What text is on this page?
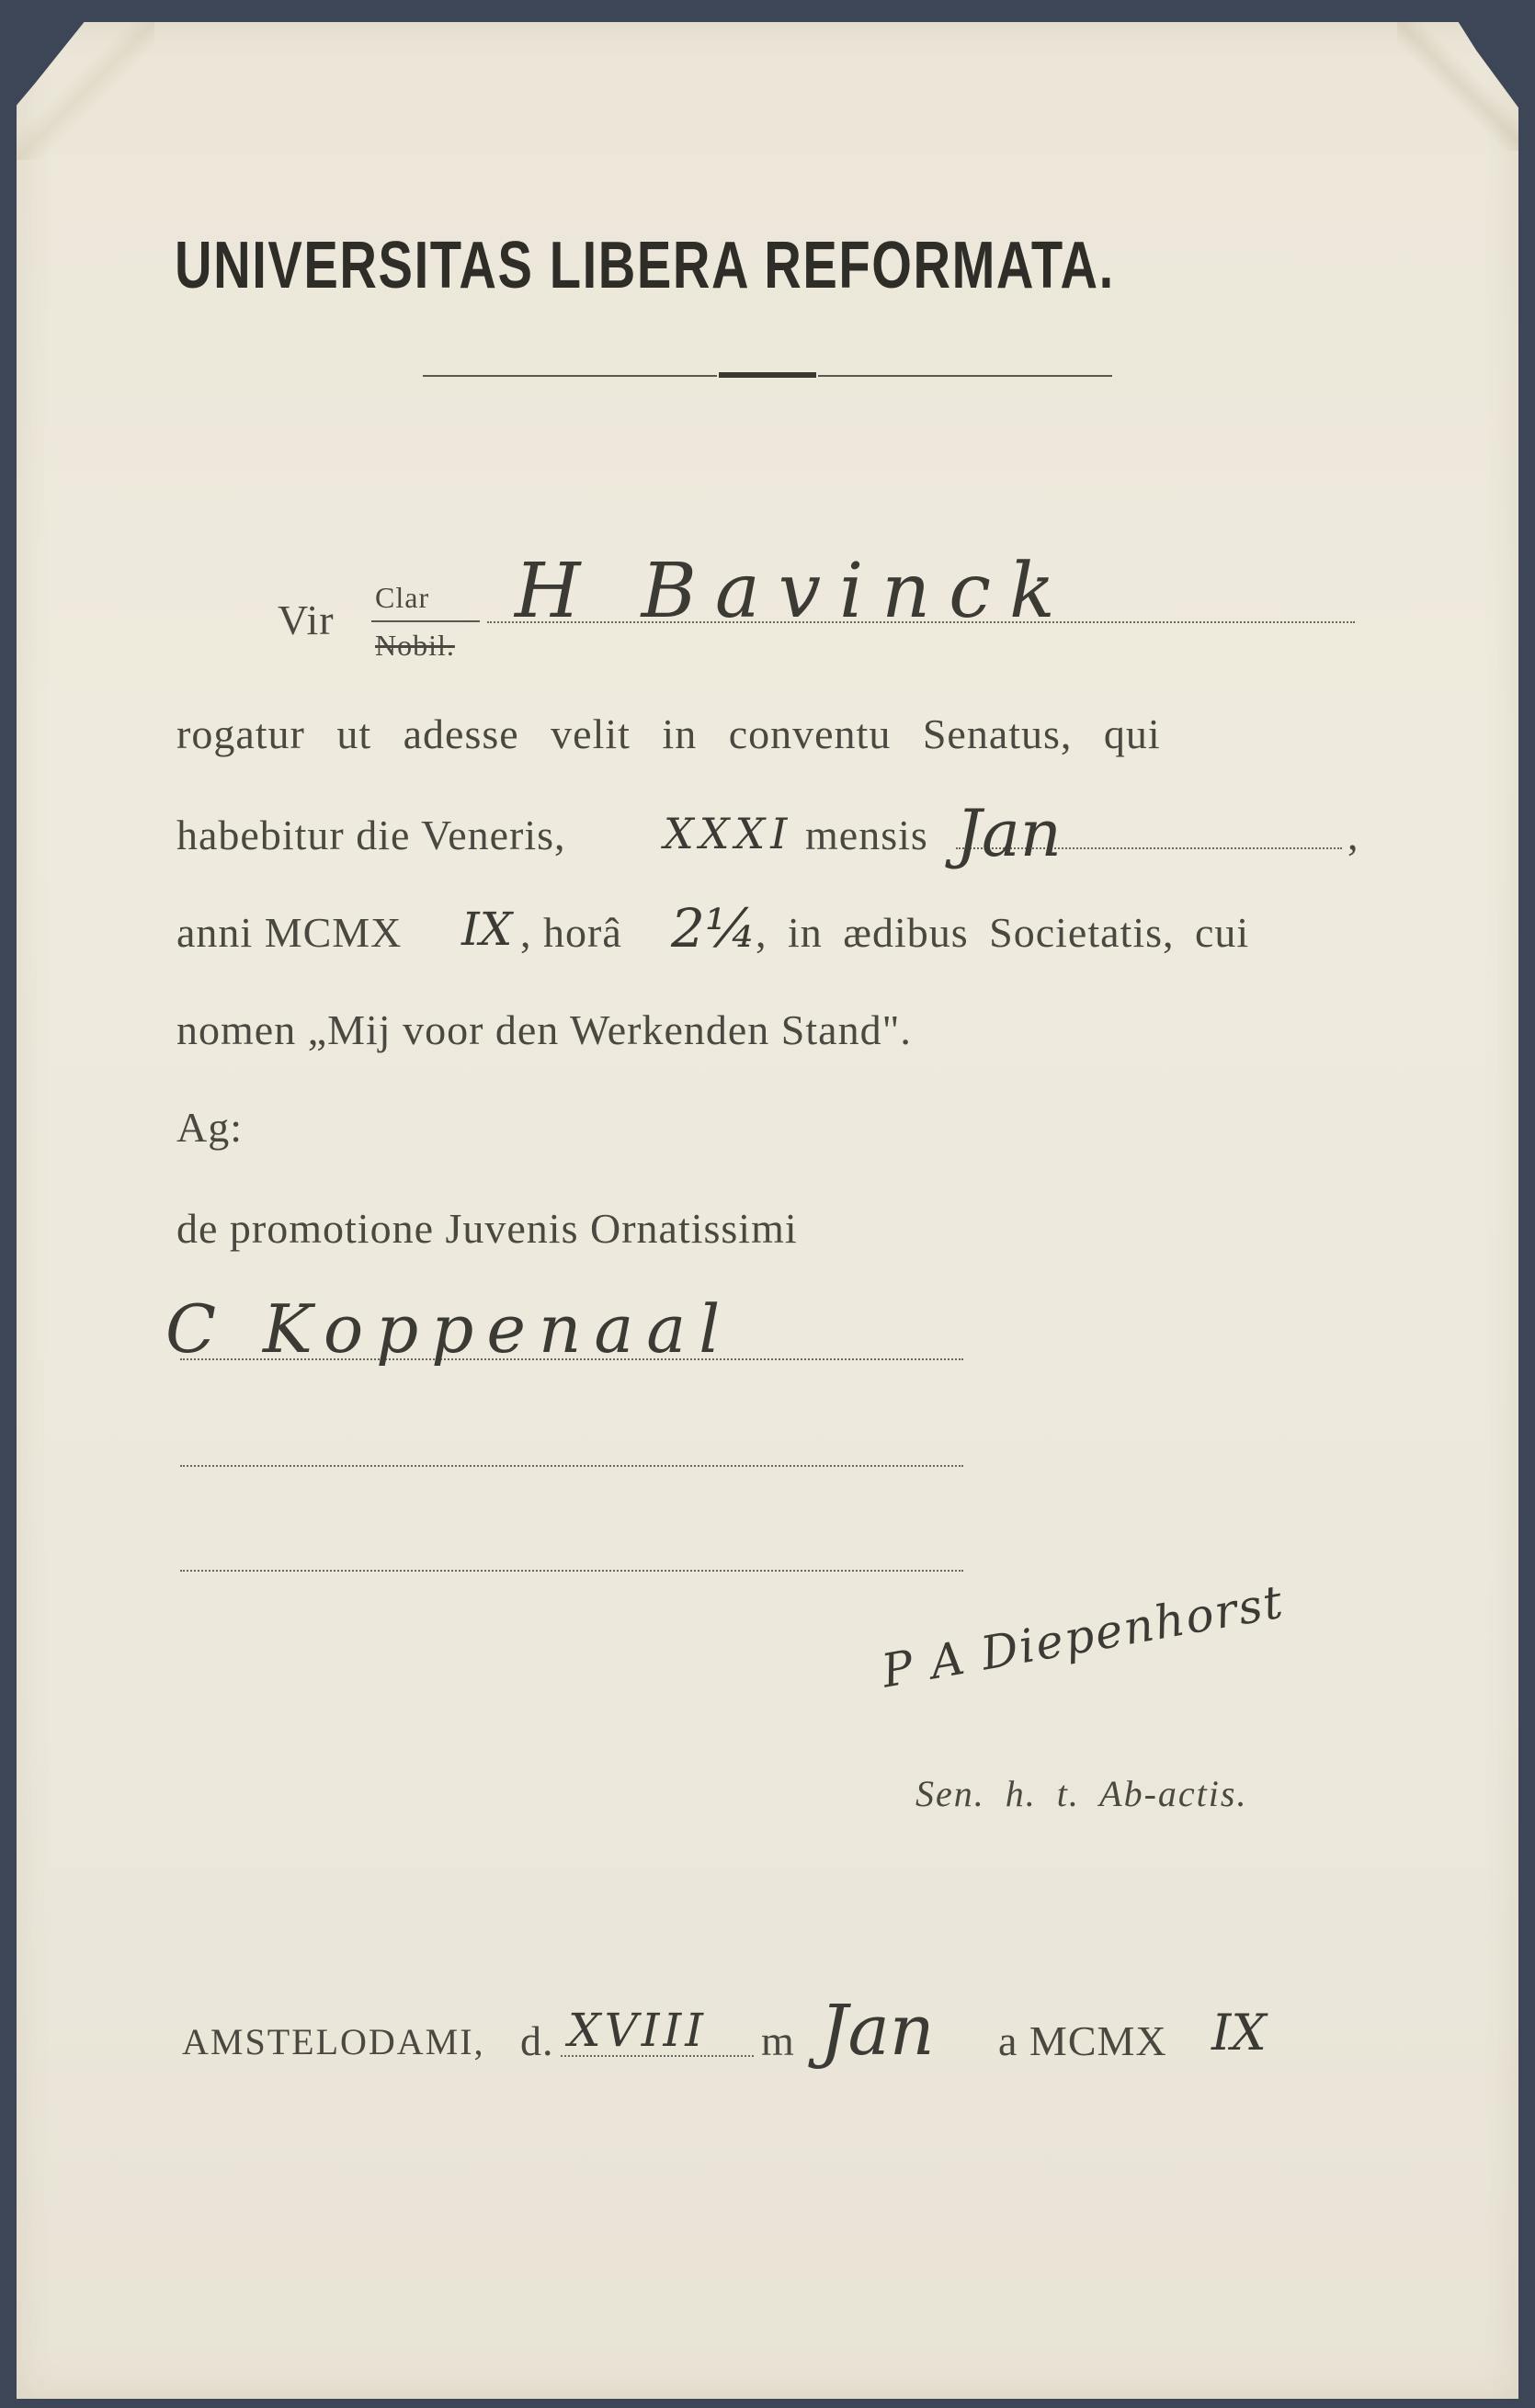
UNIVERSITAS LIBERA REFORMATA.
Vir Clar
Nobil.
H Bavinck
rogatur ut adesse velit in conventu Senatus, qui
habebitur die Veneris, XXXI mensis Jan	,
anni MCMX IX , horâ 2¼
, in ædibus Societatis, cui
nomen „Mij voor den Werkenden Stand".
Ag:
de promotione Juvenis Ornatissimi
C Koppenaal
P A Diepenhorst
Sen. h. t. Ab-actis.
AMSTELODAMI, d. XVIII m Jan a MCMX IX
